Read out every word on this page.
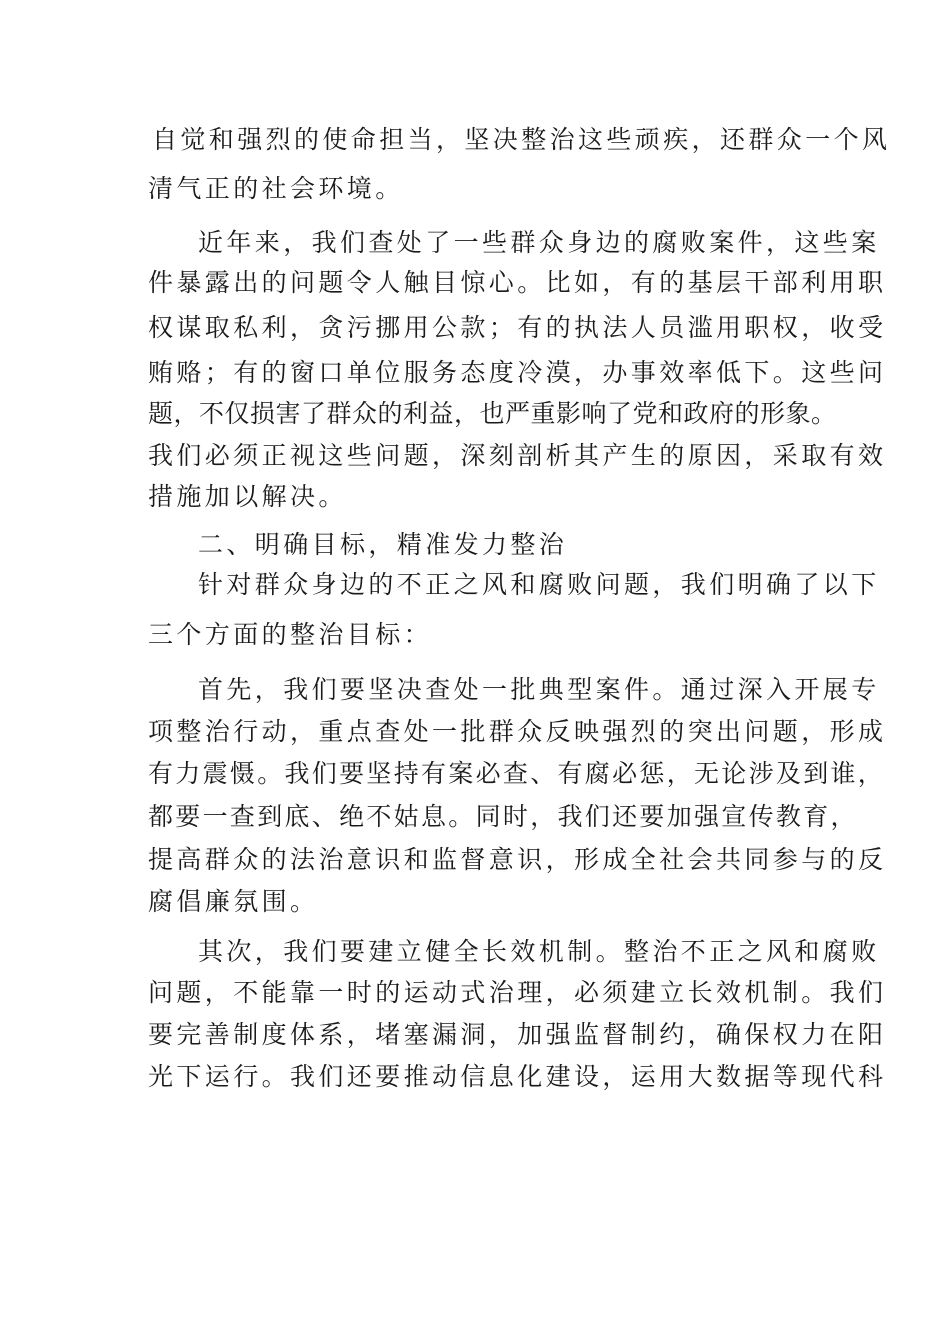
自觉和强烈的使命担当，坚决整治这些顽疾，还群众一个风
清气正的社会环境。
近年来，我们查处了一些群众身边的腐败案件，这些案
件暴露出的问题令人触目惊心。比如，有的基层干部利用职
权谋取私利，贪污挪用公款；有的执法人员滥用职权，收受
贿赂；有的窗口单位服务态度冷漠，办事效率低下。这些问
题，不仅损害了群众的利益，也严重影响了党和政府的形象。
我们必须正视这些问题，深刻剖析其产生的原因，采取有效
措施加以解决。
二、明确目标，精准发力整治
针对群众身边的不正之风和腐败问题，我们明确了以下
三个方面的整治目标：
首先，我们要坚决查处一批典型案件。通过深入开展专
项整治行动，重点查处一批群众反映强烈的突出问题，形成
有力震慑。我们要坚持有案必查、有腐必惩，无论涉及到谁，
都要一查到底、绝不姑息。同时，我们还要加强宣传教育，
提高群众的法治意识和监督意识，形成全社会共同参与的反
腐倡廉氛围。
其次，我们要建立健全长效机制。整治不正之风和腐败
问题，不能靠一时的运动式治理，必须建立长效机制。我们
要完善制度体系，堵塞漏洞，加强监督制约，确保权力在阳
光下运行。我们还要推动信息化建设，运用大数据等现代科
